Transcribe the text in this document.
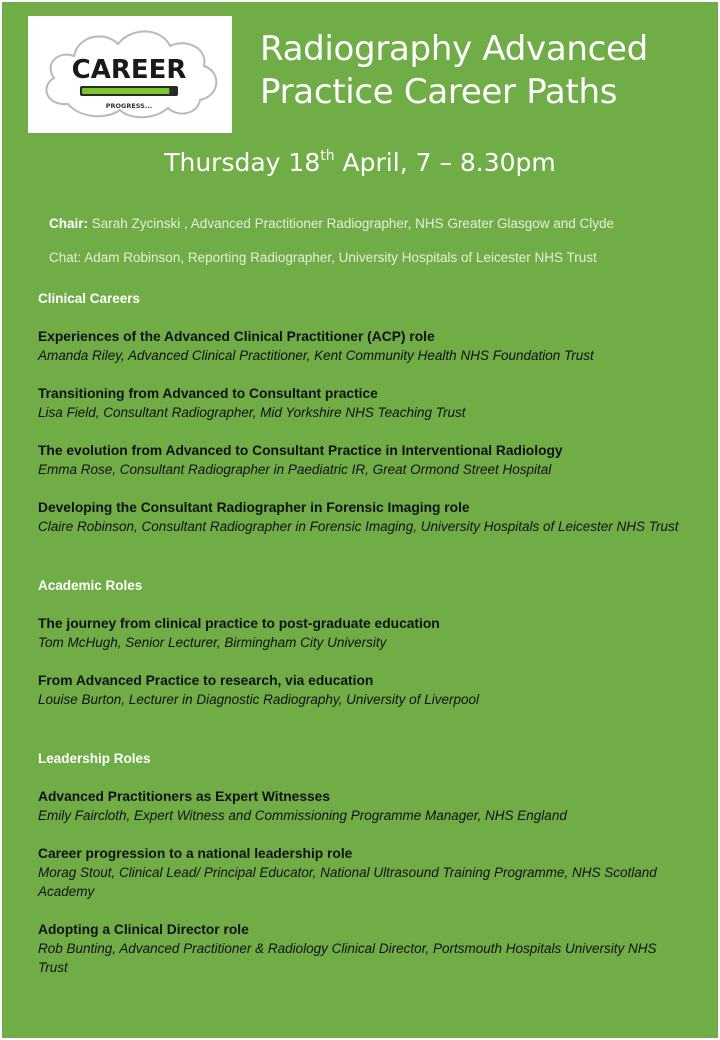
CAREER
PROGRESS...
Radiography Advanced Practice Career Paths
Thursday 18th April, 7 – 8.30pm
Chair: Sarah Zycinski , Advanced Practitioner Radiographer, NHS Greater Glasgow and Clyde
Chat: Adam Robinson, Reporting Radiographer, University Hospitals of Leicester NHS Trust
Clinical Careers
Experiences of the Advanced Clinical Practitioner (ACP) role
Amanda Riley, Advanced Clinical Practitioner, Kent Community Health NHS Foundation Trust
Transitioning from Advanced to Consultant practice
Lisa Field, Consultant Radiographer, Mid Yorkshire NHS Teaching Trust
The evolution from Advanced to Consultant Practice in Interventional Radiology
Emma Rose, Consultant Radiographer in Paediatric IR, Great Ormond Street Hospital
Developing the Consultant Radiographer in Forensic Imaging role
Claire Robinson, Consultant Radiographer in Forensic Imaging, University Hospitals of Leicester NHS Trust
Academic Roles
The journey from clinical practice to post-graduate education
Tom McHugh, Senior Lecturer, Birmingham City University
From Advanced Practice to research, via education
Louise Burton, Lecturer in Diagnostic Radiography, University of Liverpool
Leadership Roles
Advanced Practitioners as Expert Witnesses
Emily Faircloth, Expert Witness and Commissioning Programme Manager, NHS England
Career progression to a national leadership role
Morag Stout, Clinical Lead/ Principal Educator, National Ultrasound Training Programme, NHS Scotland Academy
Adopting a Clinical Director role
Rob Bunting, Advanced Practitioner & Radiology Clinical Director, Portsmouth Hospitals University NHS Trust
